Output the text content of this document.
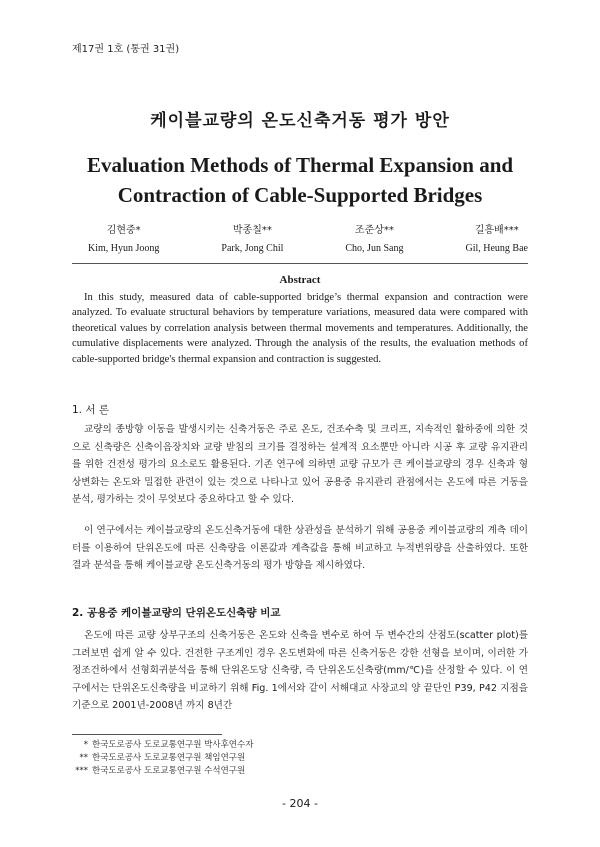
제17권 1호 (통권 31권)
케이블교량의 온도신축거동 평가 방안
Evaluation Methods of Thermal Expansion and Contraction of Cable-Supported Bridges
김현중*
Kim, Hyun Joong
박종칠**
Park, Jong Chil
조준상**
Cho, Jun Sang
길흥배***
Gil, Heung Bae
Abstract

In this study, measured data of cable-supported bridge’s thermal expansion and contraction were analyzed. To evaluate structural behaviors by temperature variations, measured data were compared with theoretical values by correlation analysis between thermal movements and temperatures. Additionally, the cumulative displacements were analyzed. Through the analysis of the results, the evaluation methods of cable-supported bridge's thermal expansion and contraction is suggested.

1. 서 론

교량의 종방향 이동을 발생시키는 신축거동은 주로 온도, 건조수축 및 크리프, 지속적인 활하중에 의한 것으로 신축량은 신축이음장치와 교량 받침의 크기를 결정하는 설계적 요소뿐만 아니라 시공 후 교량 유지관리를 위한 건전성 평가의 요소로도 활용된다. 기존 연구에 의하면 교량 규모가 큰 케이블교량의 경우 신축과 형상변화는 온도와 밀접한 관련이 있는 것으로 나타나고 있어 공용중 유지관리 관점에서는 온도에 따른 거동을 분석, 평가하는 것이 무엇보다 중요하다고 할 수 있다.

이 연구에서는 케이블교량의 온도신축거동에 대한 상관성을 분석하기 위해 공용중 케이블교량의 계측 데이터를 이용하여 단위온도에 따른 신축량을 이론값과 계측값을 통해 비교하고 누적변위량을 산출하였다. 또한 결과 분석을 통해 케이블교량 온도신축거동의 평가 방향을 제시하였다.

2. 공용중 케이블교량의 단위온도신축량 비교

온도에 따른 교량 상부구조의 신축거동은 온도와 신축을 변수로 하여 두 변수간의 산점도(scatter plot)를 그려보면 쉽게 알 수 있다. 건전한 구조계인 경우 온도변화에 따른 신축거동은 강한 선형을 보이며, 이러한 가정조건하에서 선형회귀분석을 통해 단위온도당 신축량, 즉 단위온도신축량(mm/℃)을 산정할 수 있다. 이 연구에서는 단위온도신축량을 비교하기 위해 Fig. 1에서와 같이 서해대교 사장교의 양 끝단인 P39, P42 지점을 기준으로 2001년-2008년 까지 8년간

* 한국도로공사 도로교통연구원 박사후연수자
** 한국도로공사 도로교통연구원 책임연구원
*** 한국도로공사 도로교통연구원 수석연구원
- 204 -
